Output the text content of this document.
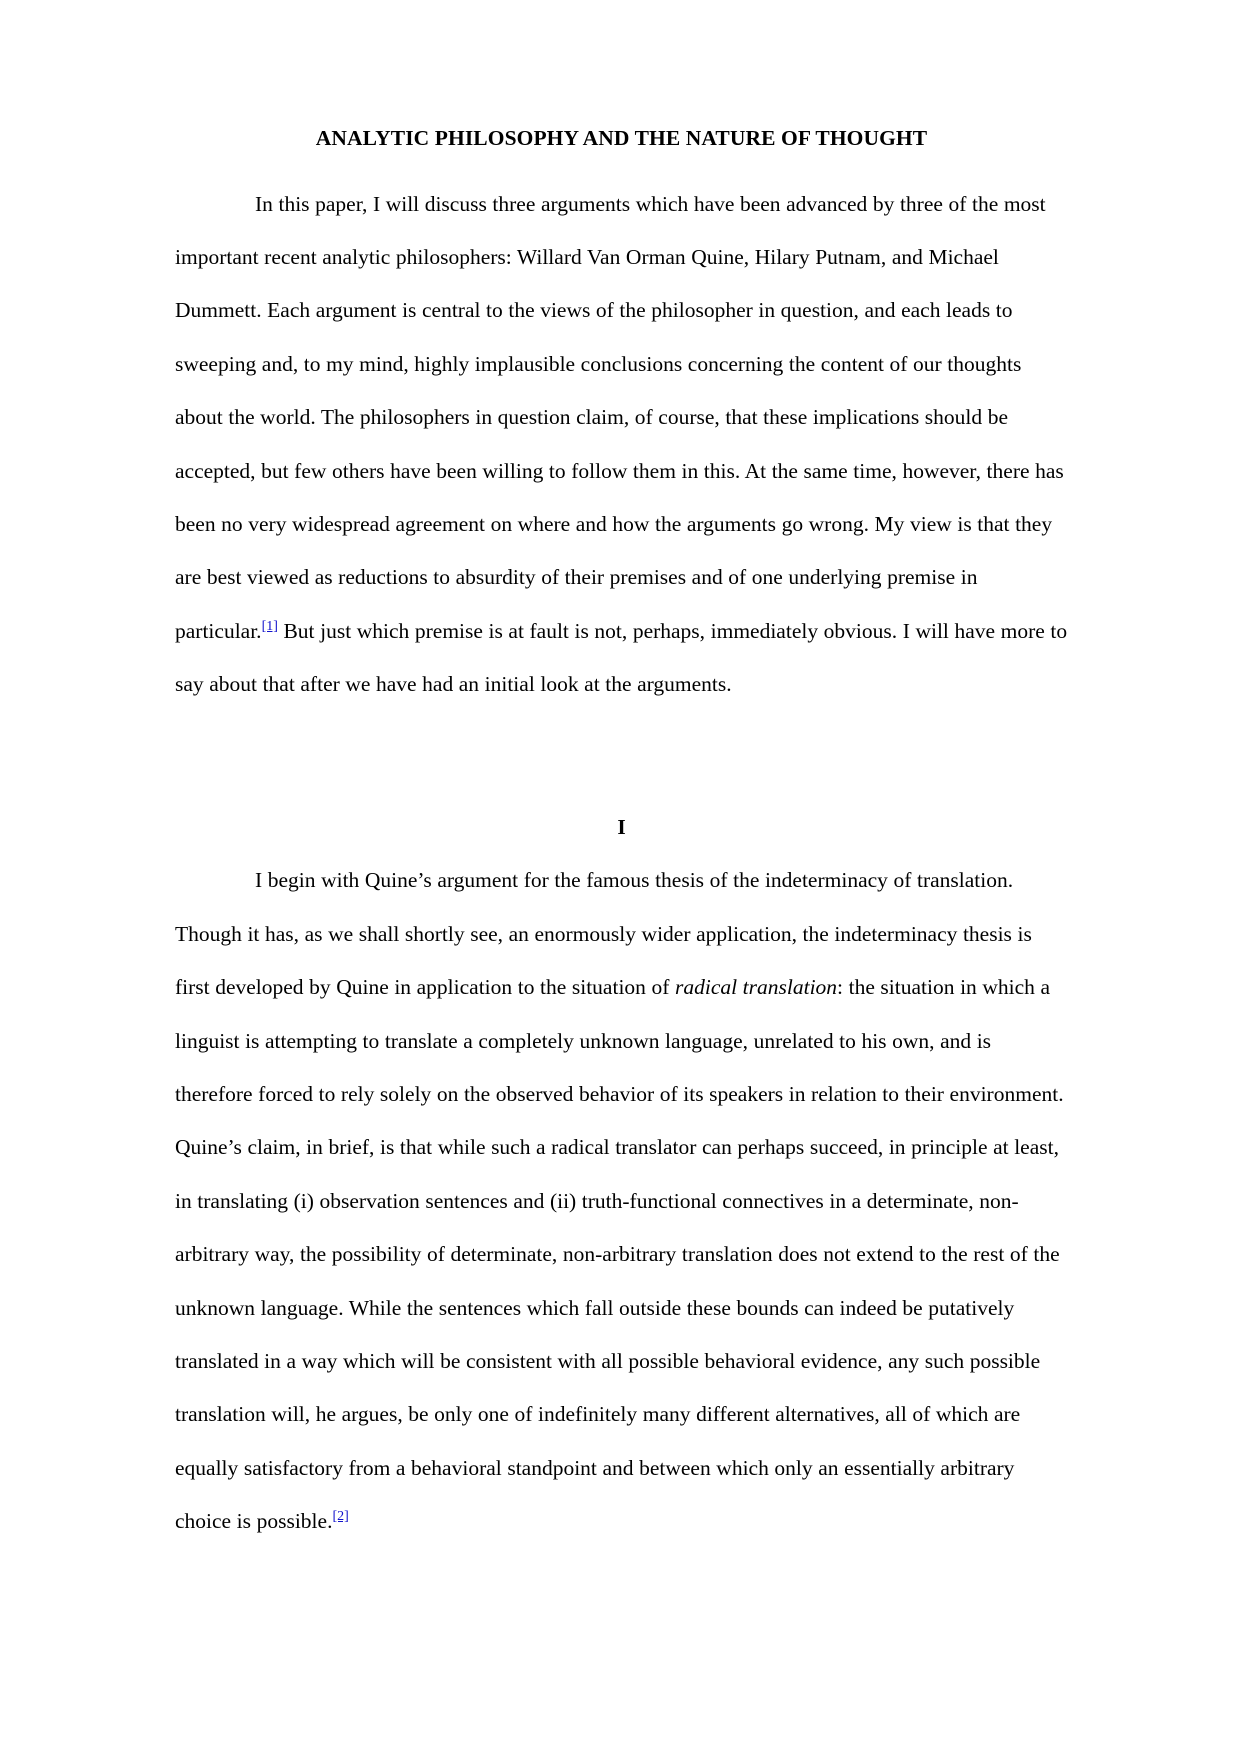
ANALYTIC PHILOSOPHY AND THE NATURE OF THOUGHT

In this paper, I will discuss three arguments which have been advanced by three of the most important recent analytic philosophers: Willard Van Orman Quine, Hilary Putnam, and Michael Dummett. Each argument is central to the views of the philosopher in question, and each leads to sweeping and, to my mind, highly implausible conclusions concerning the content of our thoughts about the world. The philosophers in question claim, of course, that these implications should be accepted, but few others have been willing to follow them in this. At the same time, however, there has been no very widespread agreement on where and how the arguments go wrong. My view is that they are best viewed as reductions to absurdity of their premises and of one underlying premise in particular.[1] But just which premise is at fault is not, perhaps, immediately obvious. I will have more to say about that after we have had an initial look at the arguments.

I

I begin with Quine’s argument for the famous thesis of the indeterminacy of translation. Though it has, as we shall shortly see, an enormously wider application, the indeterminacy thesis is first developed by Quine in application to the situation of radical translation: the situation in which a linguist is attempting to translate a completely unknown language, unrelated to his own, and is therefore forced to rely solely on the observed behavior of its speakers in relation to their environment. Quine’s claim, in brief, is that while such a radical translator can perhaps succeed, in principle at least, in translating (i) observation sentences and (ii) truth-functional connectives in a determinate, non-arbitrary way, the possibility of determinate, non-arbitrary translation does not extend to the rest of the unknown language. While the sentences which fall outside these bounds can indeed be putatively translated in a way which will be consistent with all possible behavioral evidence, any such possible translation will, he argues, be only one of indefinitely many different alternatives, all of which are equally satisfactory from a behavioral standpoint and between which only an essentially arbitrary choice is possible.[2]
